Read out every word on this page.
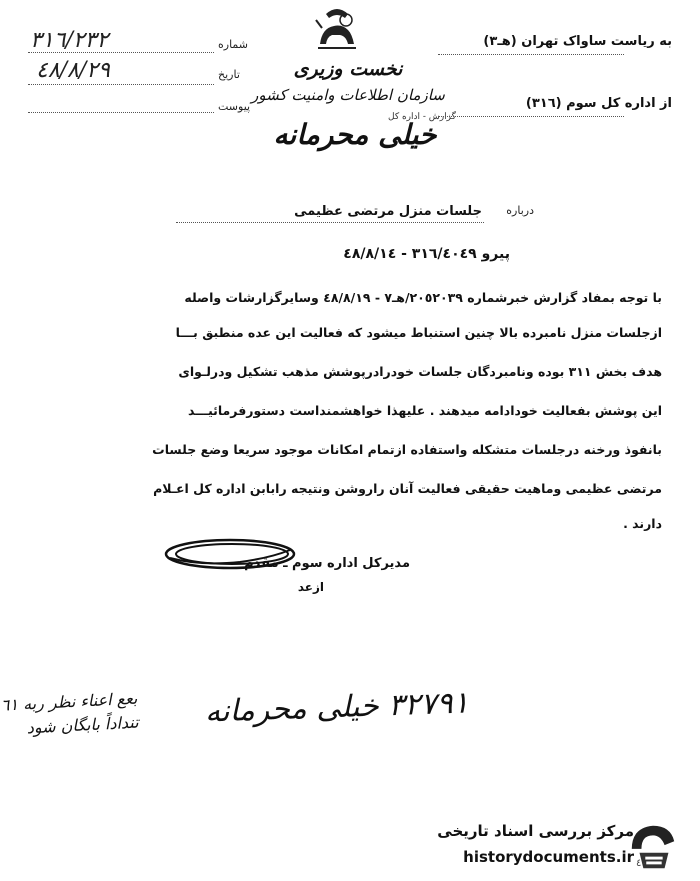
٣١٦/٢٣٢	شماره
٤٨/٨/٢٩	تاریخ
پیوست
نخست وزیری
سازمان اطلاعات وامنیت کشور
گزارش - اداره کل
خیلی محرمانه
به ریاست ساواک تهران (هـ٣)
از اداره کل سوم (٣١٦)
درباره
جلسات منزل مرتضی عظیمی
پیرو ٣١٦/٤٠٤٩ - ٤٨/٨/١٤
با توجه بمفاد گزارش خبرشماره ٢٠٥٢٠٣٩/هـ٧ - ٤٨/٨/١٩ وسایرگزارشات واصله
ازجلسات منزل نامبرده بالا چنین استنباط میشود که فعالیت این عده منطبق بـــا
هدف بخش ٣١١ بوده ونامبردگان جلسات خودرادرپوشش مذهب تشکیل ودرلـوای
این پوشش بفعالیت خودادامه میدهند . علیهذا خواهشمنداست دستورفرمائیـــد
بانفوذ ورخنه درجلسات متشکله واستفاده ازتمام امکانات موجود سریعا وضع جلسات
مرتضی عظیمی وماهیت حقیقی فعالیت آنان راروشن ونتیجه رابابن اداره کل اعـلام
دارند .
مدیرکل اداره سوم ـ مقدم
ازعد
بعع اعناء نظر ربه ٦١
تنداداً بابگان شود ٣٢٧٩١ خیلی محرمانه
مرکز بررسی اسناد تاریخی
historydocuments.ir ٤٠
